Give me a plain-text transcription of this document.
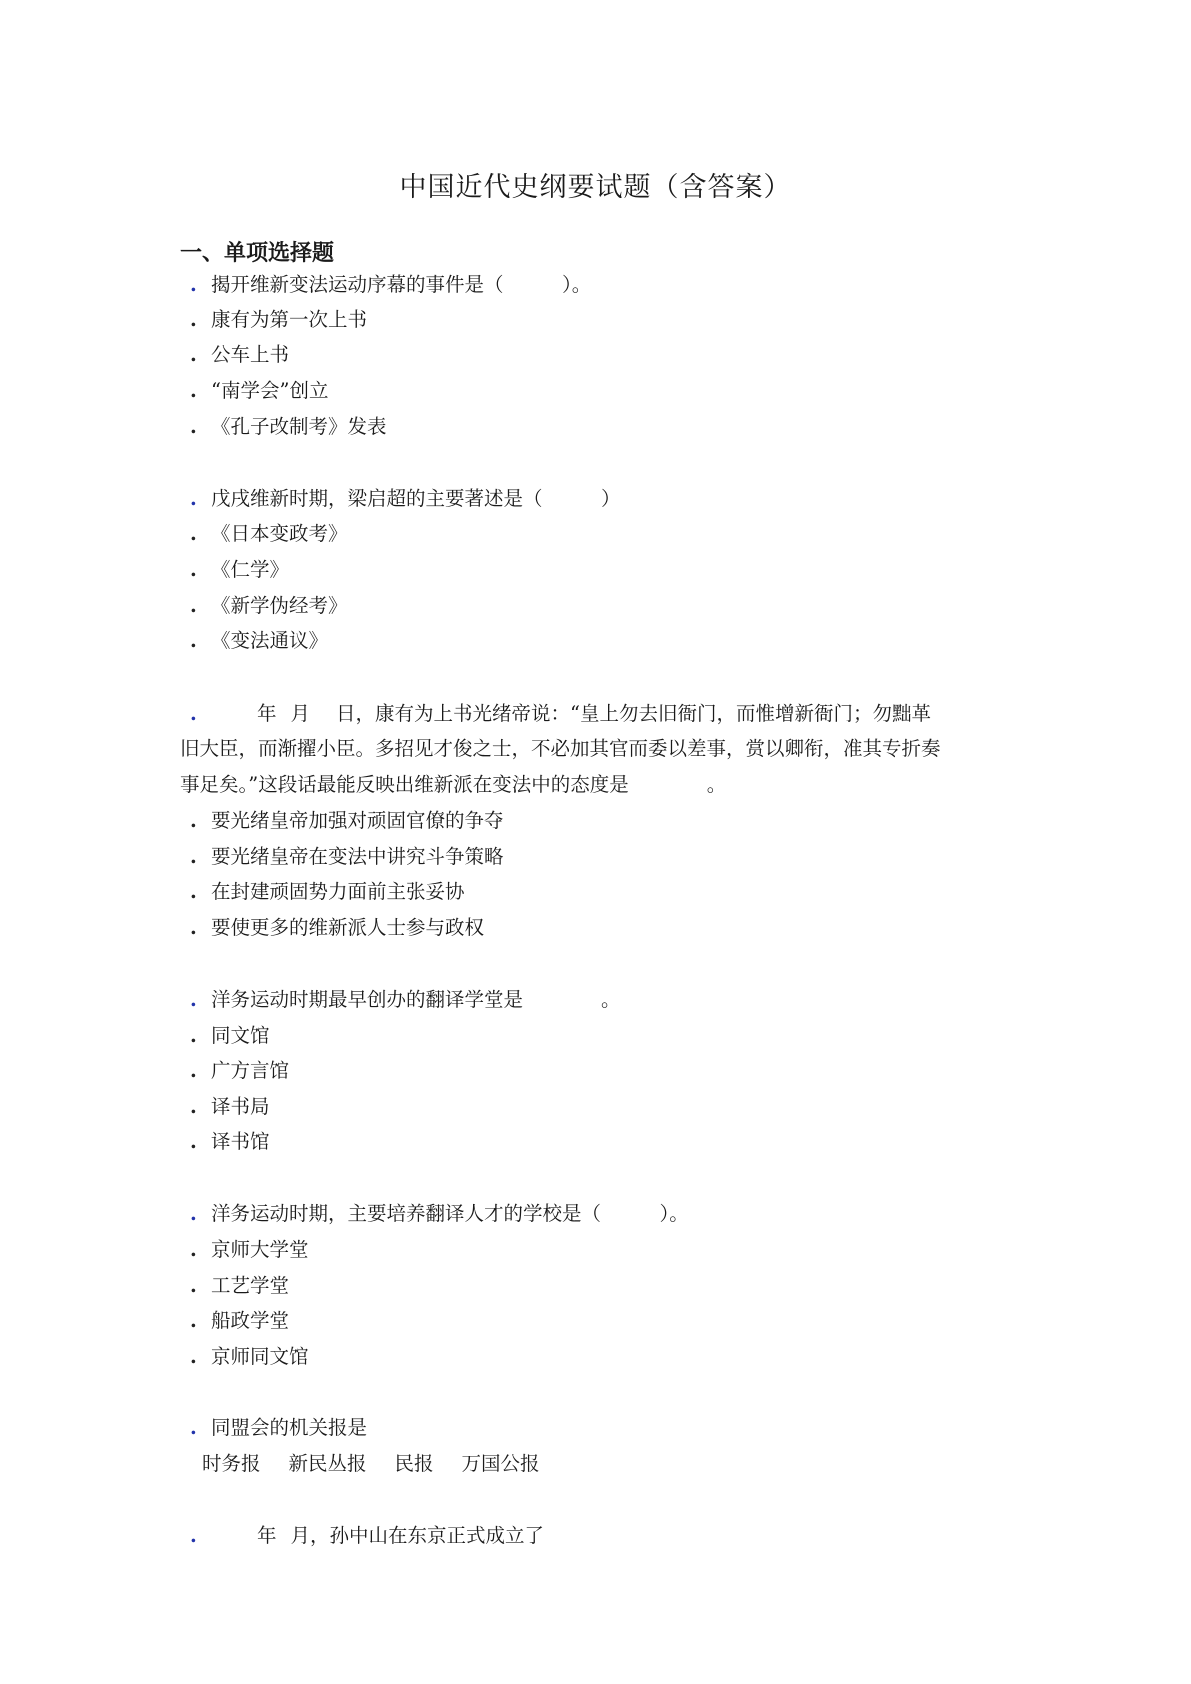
中国近代史纲要试题（含答案）
一、单项选择题
. 揭开维新变法运动序幕的事件是（　　　）。
. 康有为第一次上书
. 公车上书
. “南学会”创立
. 《孔子改制考》发表
. 戊戌维新时期，梁启超的主要著述是（　　　）
. 《日本变政考》
. 《仁学》
. 《新学伪经考》
. 《变法通议》
.	年 月 日，康有为上书光绪帝说：“皇上勿去旧衙门，而惟增新衙门；勿黜革
旧大臣，而渐擢小臣。多招见才俊之士，不必加其官而委以差事，赏以卿衔，准其专折奏
事足矣。”这段话最能反映出维新派在变法中的态度是	。
. 要光绪皇帝加强对顽固官僚的争夺
. 要光绪皇帝在变法中讲究斗争策略
. 在封建顽固势力面前主张妥协
. 要使更多的维新派人士参与政权
. 洋务运动时期最早创办的翻译学堂是	。
. 同文馆
. 广方言馆
. 译书局
. 译书馆
. 洋务运动时期，主要培养翻译人才的学校是（　　　）。
. 京师大学堂
. 工艺学堂
. 船政学堂
. 京师同文馆
. 同盟会的机关报是
时务报 新民丛报 民报 万国公报
.	年 月，孙中山在东京正式成立了
